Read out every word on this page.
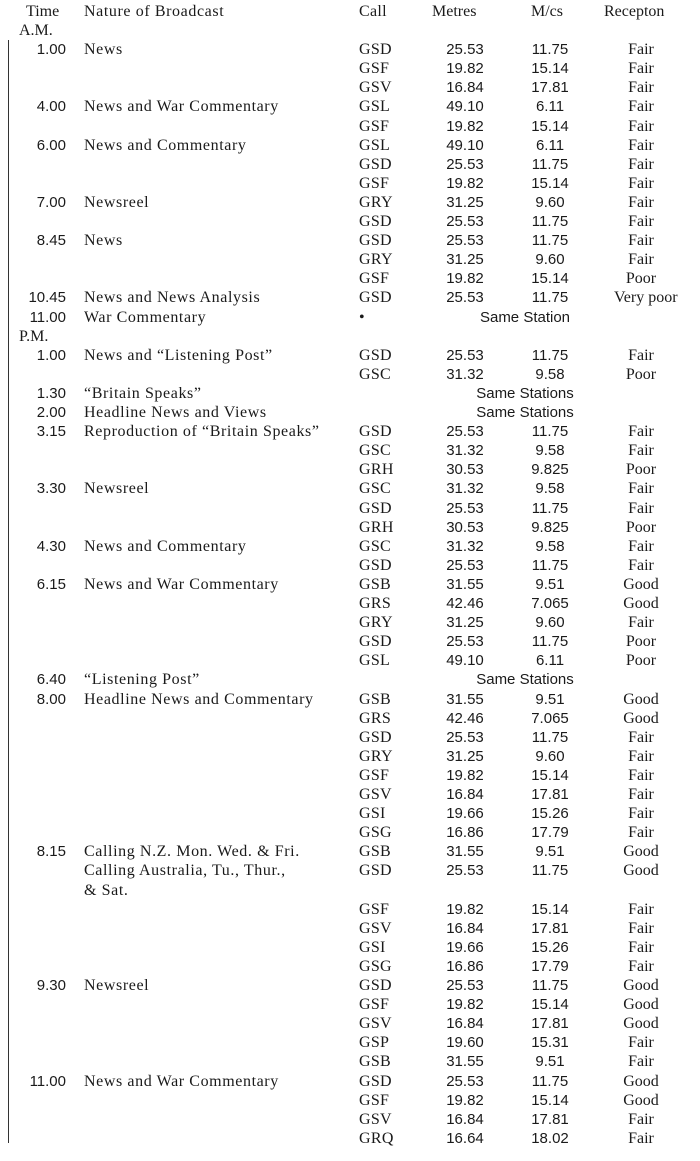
Time Nature of Broadcast	Call	Metres	M/cs	Recepton
A.M.
1.00 News	GSD	25.53	11.75	Fair
GSF	19.82	15.14	Fair
GSV	16.84	17.81	Fair
4.00 News and War Commentary	GSL	49.10	6.11	Fair
GSF	19.82	15.14	Fair
6.00 News and Commentary	GSL	49.10	6.11	Fair
GSD	25.53	11.75	Fair
GSF	19.82	15.14	Fair
7.00 Newsreel	GRY	31.25	9.60	Fair
GSD	25.53	11.75	Fair
8.45 News	GSD	25.53	11.75	Fair
GRY	31.25	9.60	Fair
GSF	19.82	15.14	Poor
10.45 News and News Analysis	GSD	25.53	11.75	Very poor
11.00 War Commentary	•	Same Station
P.M.
1.00 News and “Listening Post”	GSD	25.53	11.75	Fair
GSC	31.32	9.58	Poor
1.30 “Britain Speaks”	Same Stations
2.00 Headline News and Views	Same Stations
3.15 Reproduction of “Britain Speaks” GSD	25.53	11.75	Fair
GSC	31.32	9.58	Fair
GRH	30.53	9.825	Poor
3.30 Newsreel	GSC	31.32	9.58	Fair
GSD	25.53	11.75	Fair
GRH	30.53	9.825	Poor
4.30 News and Commentary	GSC	31.32	9.58	Fair
GSD	25.53	11.75	Fair
6.15 News and War Commentary	GSB	31.55	9.51	Good
GRS	42.46	7.065	Good
GRY	31.25	9.60	Fair
GSD	25.53	11.75	Poor
GSL	49.10	6.11	Poor
6.40 “Listening Post”	Same Stations
8.00 Headline News and Commentary	GSB	31.55	9.51	Good
GRS	42.46	7.065	Good
GSD	25.53	11.75	Fair
GRY	31.25	9.60	Fair
GSF	19.82	15.14	Fair
GSV	16.84	17.81	Fair
GSI	19.66	15.26	Fair
GSG	16.86	17.79	Fair
8.15 Calling N.Z. Mon. Wed. & Fri.	GSB	31.55	9.51	Good
Calling Australia, Tu., Thur.,	GSD	25.53	11.75	Good
& Sat.
GSF	19.82	15.14	Fair
GSV	16.84	17.81	Fair
GSI	19.66	15.26	Fair
GSG	16.86	17.79	Fair
9.30 Newsreel	GSD	25.53	11.75	Good
GSF	19.82	15.14	Good
GSV	16.84	17.81	Good
GSP	19.60	15.31	Fair
GSB	31.55	9.51	Fair
11.00 News and War Commentary	GSD	25.53	11.75	Good
GSF	19.82	15.14	Good
GSV	16.84	17.81	Fair
GRQ	16.64	18.02	Fair
